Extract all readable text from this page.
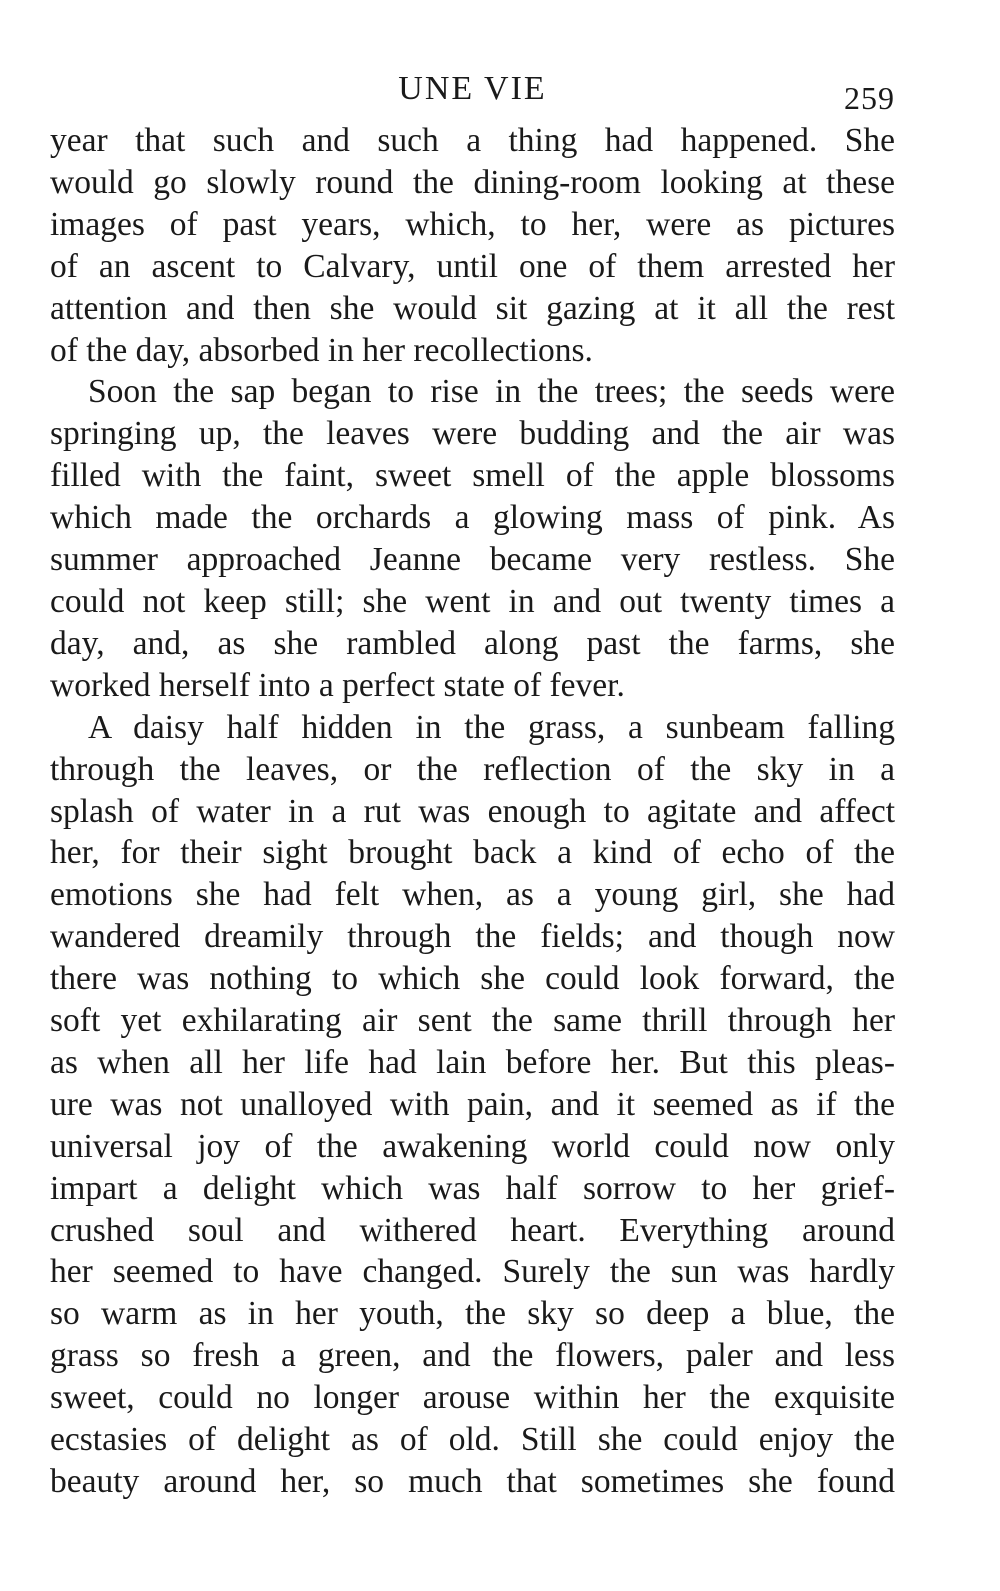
UNE VIE	259
year that such and such a thing had happened. She
would go slowly round the dining-room looking at these
images of past years, which, to her, were as pictures
of an ascent to Calvary, until one of them arrested her
attention and then she would sit gazing at it all the rest
of the day, absorbed in her recollections.
Soon the sap began to rise in the trees; the seeds were
springing up, the leaves were budding and the air was
filled with the faint, sweet smell of the apple blossoms
which made the orchards a glowing mass of pink. As
summer approached Jeanne became very restless. She
could not keep still; she went in and out twenty times a
day, and, as she rambled along past the farms, she
worked herself into a perfect state of fever.
A daisy half hidden in the grass, a sunbeam falling
through the leaves, or the reflection of the sky in a
splash of water in a rut was enough to agitate and affect
her, for their sight brought back a kind of echo of the
emotions she had felt when, as a young girl, she had
wandered dreamily through the fields; and though now
there was nothing to which she could look forward, the
soft yet exhilarating air sent the same thrill through her
as when all her life had lain before her. But this pleas-
ure was not unalloyed with pain, and it seemed as if the
universal joy of the awakening world could now only
impart a delight which was half sorrow to her grief-
crushed soul and withered heart. Everything around
her seemed to have changed. Surely the sun was hardly
so warm as in her youth, the sky so deep a blue, the
grass so fresh a green, and the flowers, paler and less
sweet, could no longer arouse within her the exquisite
ecstasies of delight as of old. Still she could enjoy the
beauty around her, so much that sometimes she found
